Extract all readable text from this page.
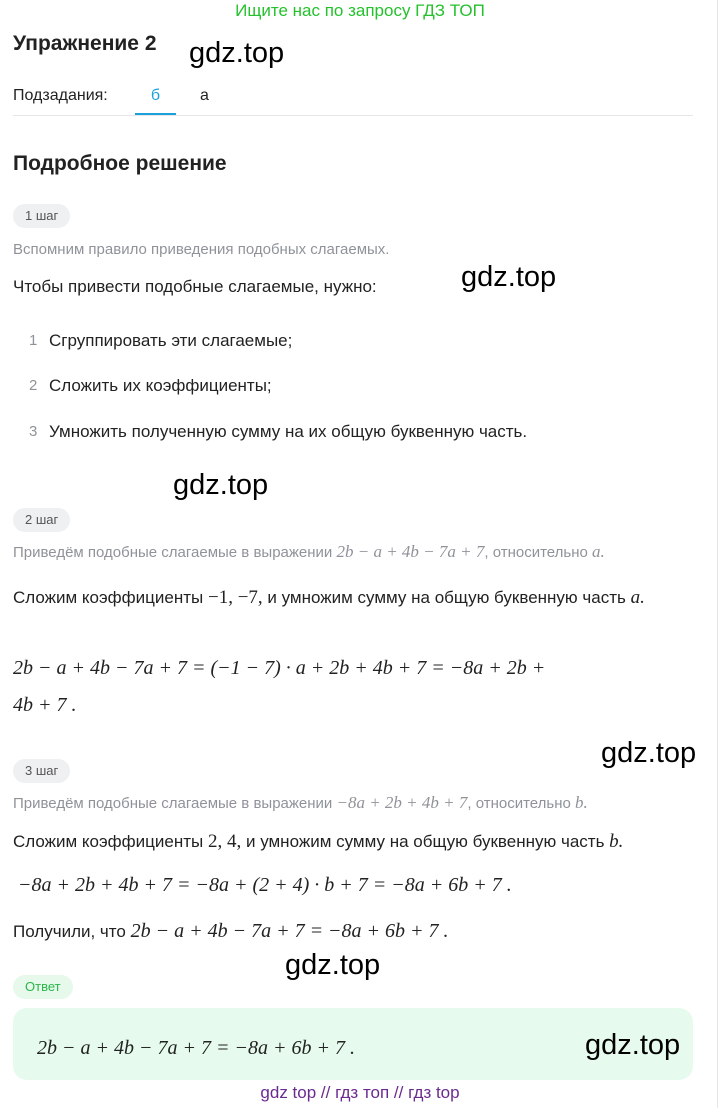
Ищите нас по запросу ГДЗ ТОП
Упражнение 2 gdz.top
Подзадания:	б	а
Подробное решение
1 шаг
Вспомним правило приведения подобных слагаемых.
Чтобы привести подобные слагаемые, нужно:	gdz.top
1 Сгруппировать эти слагаемые;
2 Сложить их коэффициенты;
3 Умножить полученную сумму на их общую буквенную часть.
gdz.top
2 шаг
Приведём подобные слагаемые в выражении 2b − a + 4b − 7a + 7, относительно a.
Сложим коэффициенты −1, −7, и умножим сумму на общую буквенную часть a.
2b − a + 4b − 7a + 7 = (−1 − 7) · a + 2b + 4b + 7 = −8a + 2b +
4b + 7 .
gdz.top
3 шаг
Приведём подобные слагаемые в выражении −8a + 2b + 4b + 7, относительно b.
Сложим коэффициенты 2, 4, и умножим сумму на общую буквенную часть b.
−8a + 2b + 4b + 7 = −8a + (2 + 4) · b + 7 = −8a + 6b + 7 .
Получили, что 2b − a + 4b − 7a + 7 = −8a + 6b + 7 .
gdz.top
Ответ
2b − a + 4b − 7a + 7 = −8a + 6b + 7 .	gdz.top
gdz top // гдз топ // гдз top
